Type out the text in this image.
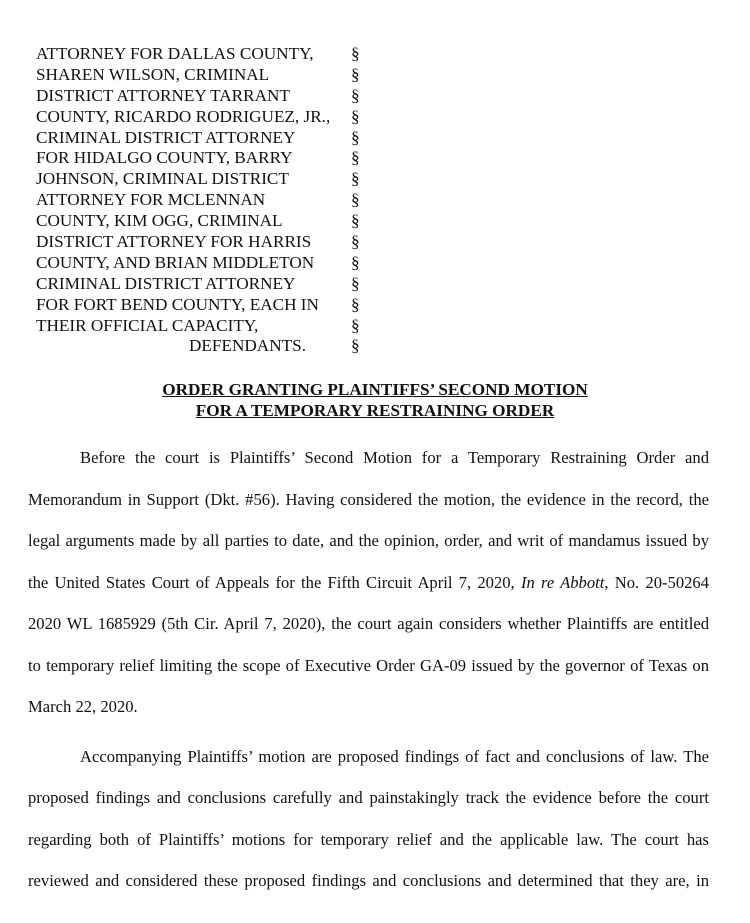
ATTORNEY FOR DALLAS COUNTY,	§
SHAREN WILSON, CRIMINAL	§
DISTRICT ATTORNEY TARRANT	§
COUNTY, RICARDO RODRIGUEZ, JR.,	§
CRIMINAL DISTRICT ATTORNEY	§
FOR HIDALGO COUNTY, BARRY	§
JOHNSON, CRIMINAL DISTRICT	§
ATTORNEY FOR MCLENNAN	§
COUNTY, KIM OGG, CRIMINAL	§
DISTRICT ATTORNEY FOR HARRIS	§
COUNTY, AND BRIAN MIDDLETON	§
CRIMINAL DISTRICT ATTORNEY	§
FOR FORT BEND COUNTY, EACH IN	§
THEIR OFFICIAL CAPACITY,	§
DEFENDANTS.	§
ORDER GRANTING PLAINTIFFS’ SECOND MOTION
FOR A TEMPORARY RESTRAINING ORDER

Before the court is Plaintiffs’ Second Motion for a Temporary Restraining Order and
Memorandum in Support (Dkt. #56). Having considered the motion, the evidence in the record, the
legal arguments made by all parties to date, and the opinion, order, and writ of mandamus issued by
the United States Court of Appeals for the Fifth Circuit April 7, 2020, In re Abbott, No. 20-50264
2020 WL 1685929 (5th Cir. April 7, 2020), the court again considers whether Plaintiffs are entitled
to temporary relief limiting the scope of Executive Order GA-09 issued by the governor of Texas on
March 22, 2020.

Accompanying Plaintiffs’ motion are proposed findings of fact and conclusions of law. The
proposed findings and conclusions carefully and painstakingly track the evidence before the court
regarding both of Plaintiffs’ motions for temporary relief and the applicable law. The court has
reviewed and considered these proposed findings and conclusions and determined that they are, in
